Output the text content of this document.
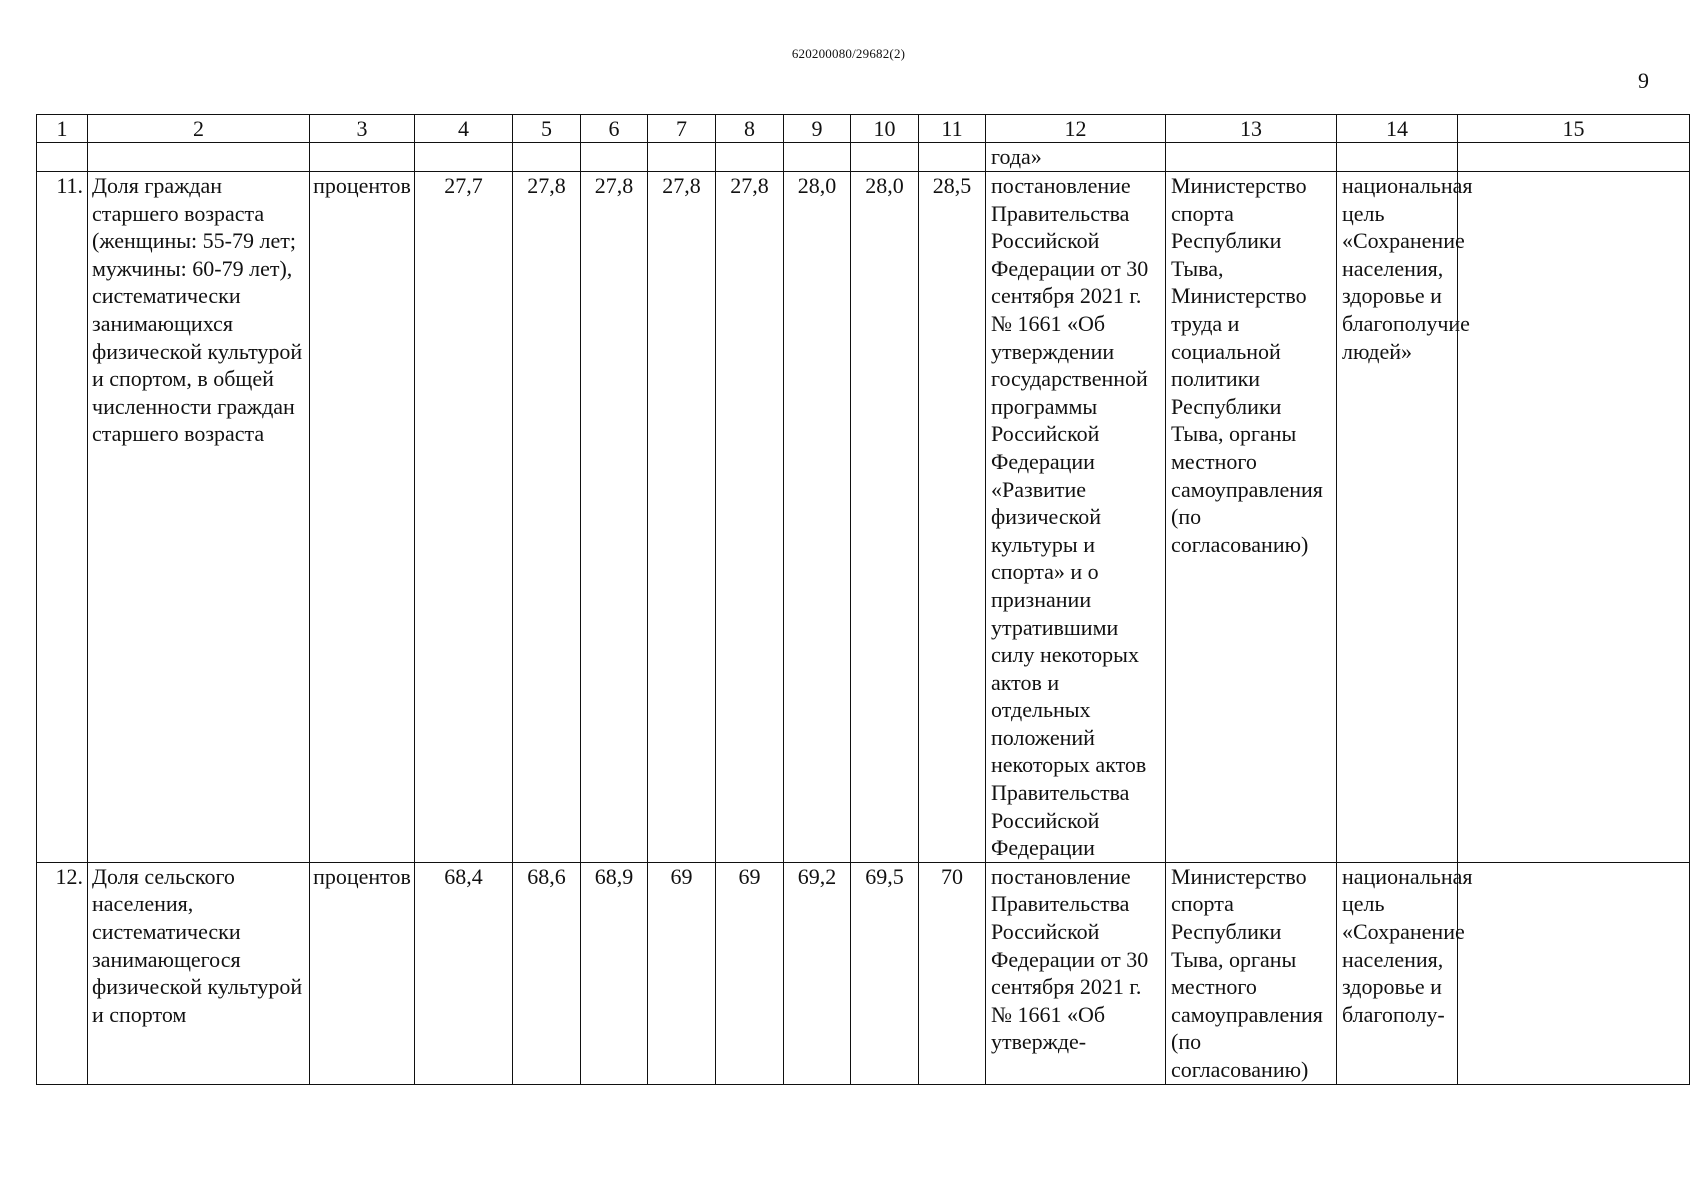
620200080/29682(2)
9
1	2	3	4	5	6	7	8	9	10	11	12	13	14	15
											года»			
11.	Доля граждан старшего возраста (женщины: 55-79 лет; мужчины: 60-79 лет), систематически занимающихся физической культурой и спортом, в общей численности граждан старшего возраста	процентов	27,7	27,8	27,8	27,8	27,8	28,0	28,0	28,5	постановление Правительства Российской Федерации от 30 сентября 2021 г. № 1661 «Об утверждении государственной программы Российской Федерации «Развитие физической культуры и спорта» и о признании утратившими силу некоторых актов и отдельных положений некоторых актов Правительства Российской Федерации	Министерство спорта Республики Тыва, Министерство труда и социальной политики Республики Тыва, органы местного самоуправления (по согласованию)	национальная цель «Сохранение населения, здоровье и благополучие людей»	
12.	Доля сельского населения, систематически занимающегося физической культурой и спортом	процентов	68,4	68,6	68,9	69	69	69,2	69,5	70	постановление Правительства Российской Федерации от 30 сентября 2021 г. № 1661 «Об утвержде-	Министерство спорта Республики Тыва, органы местного самоуправления (по согласованию)	национальная цель «Сохранение населения, здоровье и благополу-	
